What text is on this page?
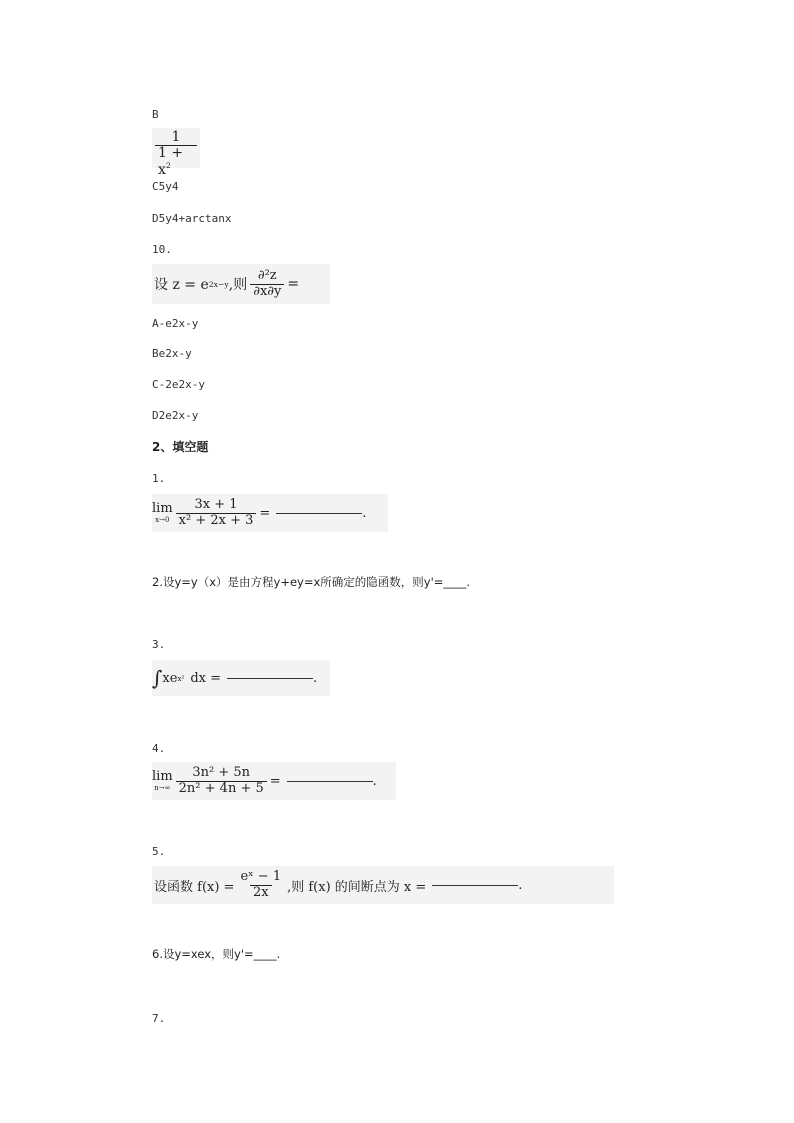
B
$\frac{1}{1 + x^2}$
C5y4
D5y4+arctanx
10.
设 z = e 2x−y ,则 $\frac{\text{∂²z}}{\partial x\partial y}$ =
A-e2x-y
Be2x-y
C-2e2x-y
D2e2x-y
2、填空题
1.
lim
$x\to 0 \frac{3x + 1}{\text{x² + 2x + 3}}$ =	.
2.设y=y（x）是由方程y+ey=x所确定的隐函数，则y'=____.
3.
∫ xe x² dx =	.
4.
lim
$n\to\infty \frac{\text{3n² + 5n}}{\text{2n² + 4n + 5}}$ =	.
5.
设函数 $f(x) = \frac{\text{eˣ − 1}}{2x}$ ,则 f(x) 的间断点为 x =	.
6.设y=xex，则y'=____.
7.
